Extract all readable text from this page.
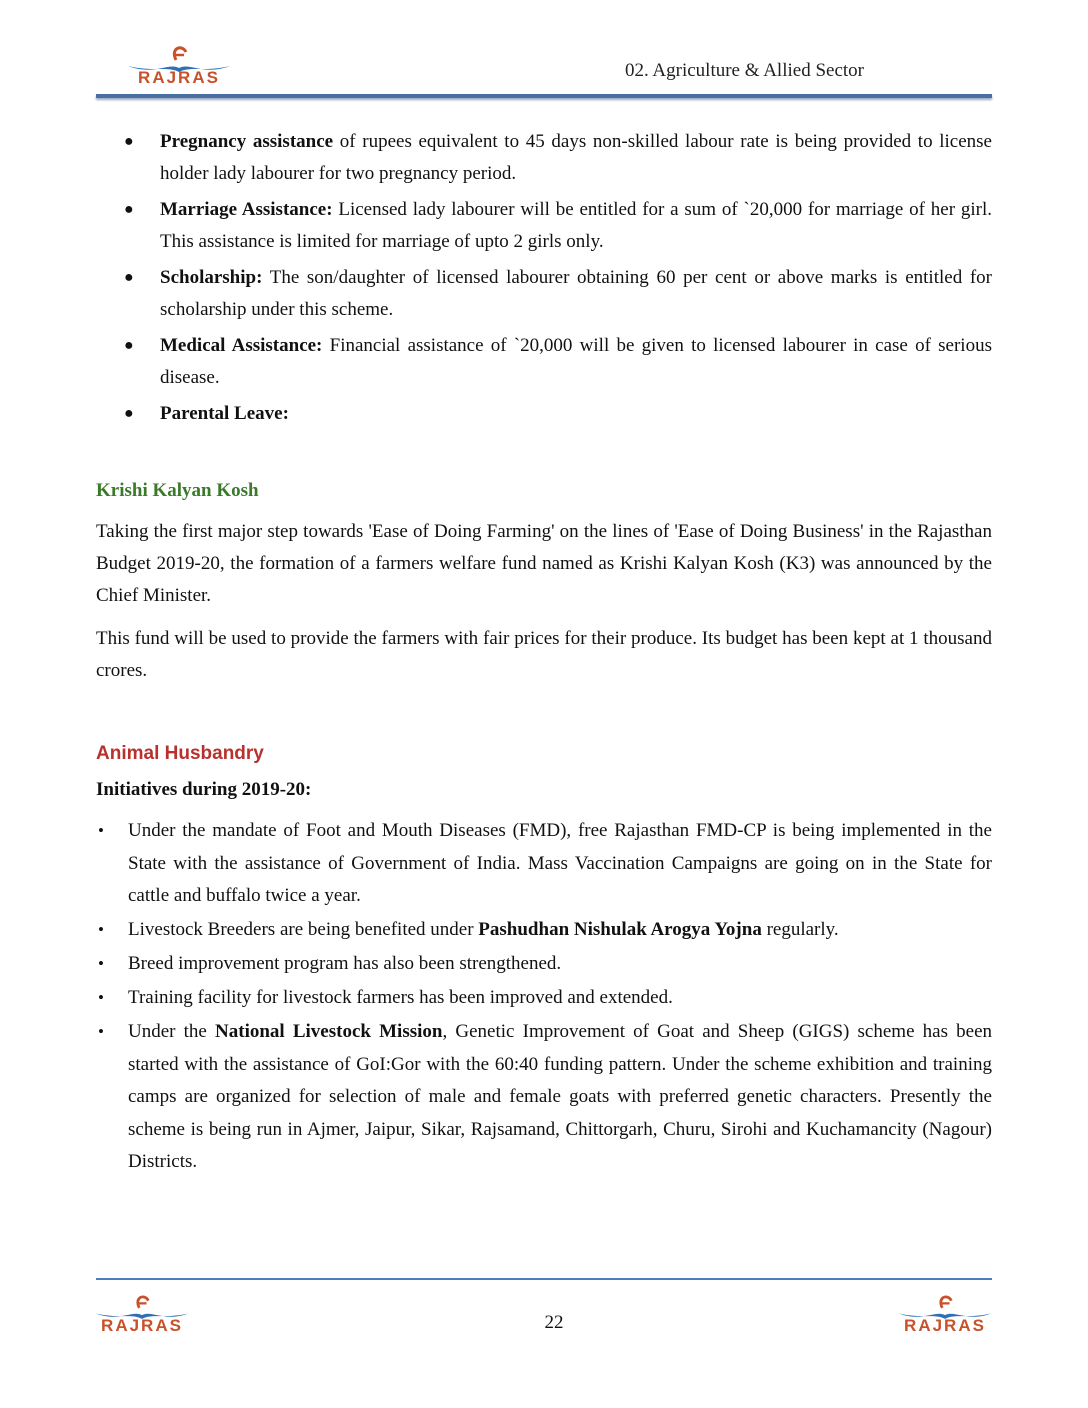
RAJRAS	02. Agriculture & Allied Sector
● Pregnancy assistance of rupees equivalent to 45 days non-skilled labour rate is being provided to license holder lady labourer for two pregnancy period.
● Marriage Assistance: Licensed lady labourer will be entitled for a sum of `20,000 for marriage of her girl. This assistance is limited for marriage of upto 2 girls only.
● Scholarship: The son/daughter of licensed labourer obtaining 60 per cent or above marks is entitled for scholarship under this scheme.
● Medical Assistance: Financial assistance of `20,000 will be given to licensed labourer in case of serious disease.
● Parental Leave:
Krishi Kalyan Kosh

Taking the first major step towards 'Ease of Doing Farming' on the lines of 'Ease of Doing Business' in the Rajasthan Budget 2019-20, the formation of a farmers welfare fund named as Krishi Kalyan Kosh (K3) was announced by the Chief Minister.

This fund will be used to provide the farmers with fair prices for their produce. Its budget has been kept at 1 thousand crores.

Animal Husbandry

Initiatives during 2019-20:

• Under the mandate of Foot and Mouth Diseases (FMD), free Rajasthan FMD-CP is being implemented in the State with the assistance of Government of India. Mass Vaccination Campaigns are going on in the State for cattle and buffalo twice a year.
• Livestock Breeders are being benefited under Pashudhan Nishulak Arogya Yojna regularly.
• Breed improvement program has also been strengthened.
• Training facility for livestock farmers has been improved and extended.
• Under the National Livestock Mission, Genetic Improvement of Goat and Sheep (GIGS) scheme has been started with the assistance of GoI:Gor with the 60:40 funding pattern. Under the scheme exhibition and training camps are organized for selection of male and female goats with preferred genetic characters. Presently the scheme is being run in Ajmer, Jaipur, Sikar, Rajsamand, Chittorgarh, Churu, Sirohi and Kuchamancity (Nagour) Districts.
RAJRAS	22	RAJRAS
